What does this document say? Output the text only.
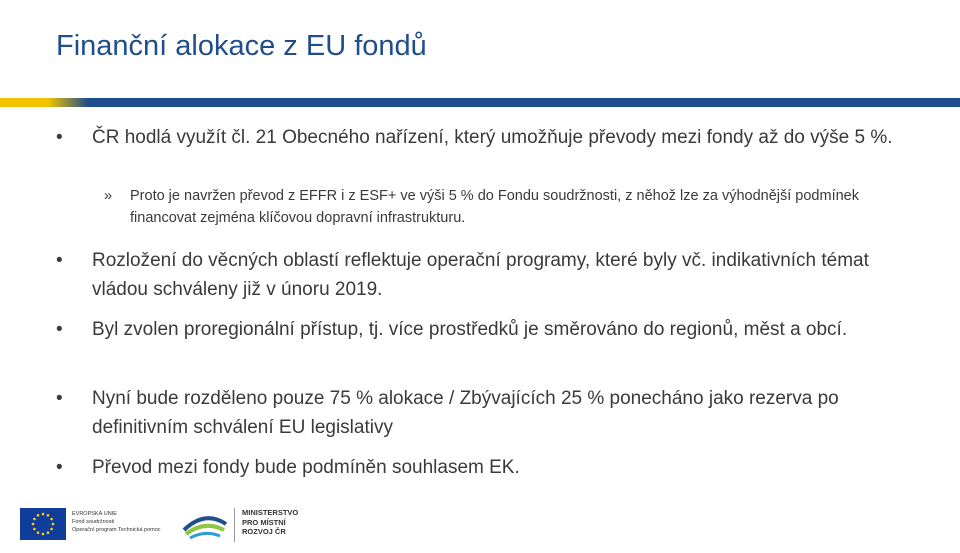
Finanční alokace z EU fondů
•	ČR hodlá využít čl. 21 Obecného nařízení, který umožňuje převody mezi fondy až do výše 5 %.
» Proto je navržen převod z EFFR i z ESF+ ve výši 5 % do Fondu soudržnosti, z něhož lze za výhodnější podmínek financovat zejména klíčovou dopravní infrastrukturu.
•	Rozložení do věcných oblastí reflektuje operační programy, které byly vč. indikativních témat vládou schváleny již v únoru 2019.
•	Byl zvolen proregionální přístup, tj. více prostředků je směrováno do regionů, měst a obcí.
•	Nyní bude rozděleno pouze 75 % alokace / Zbývajících 25 % ponecháno jako rezerva po definitivním schválení EU legislativy
•	Převod mezi fondy bude podmíněn souhlasem EK.
EVROPSKÁ UNIE
Fond soudržnosti
Operační program Technická pomoc
MINISTERSTVO
PRO MÍSTNÍ
ROZVOJ ČR
